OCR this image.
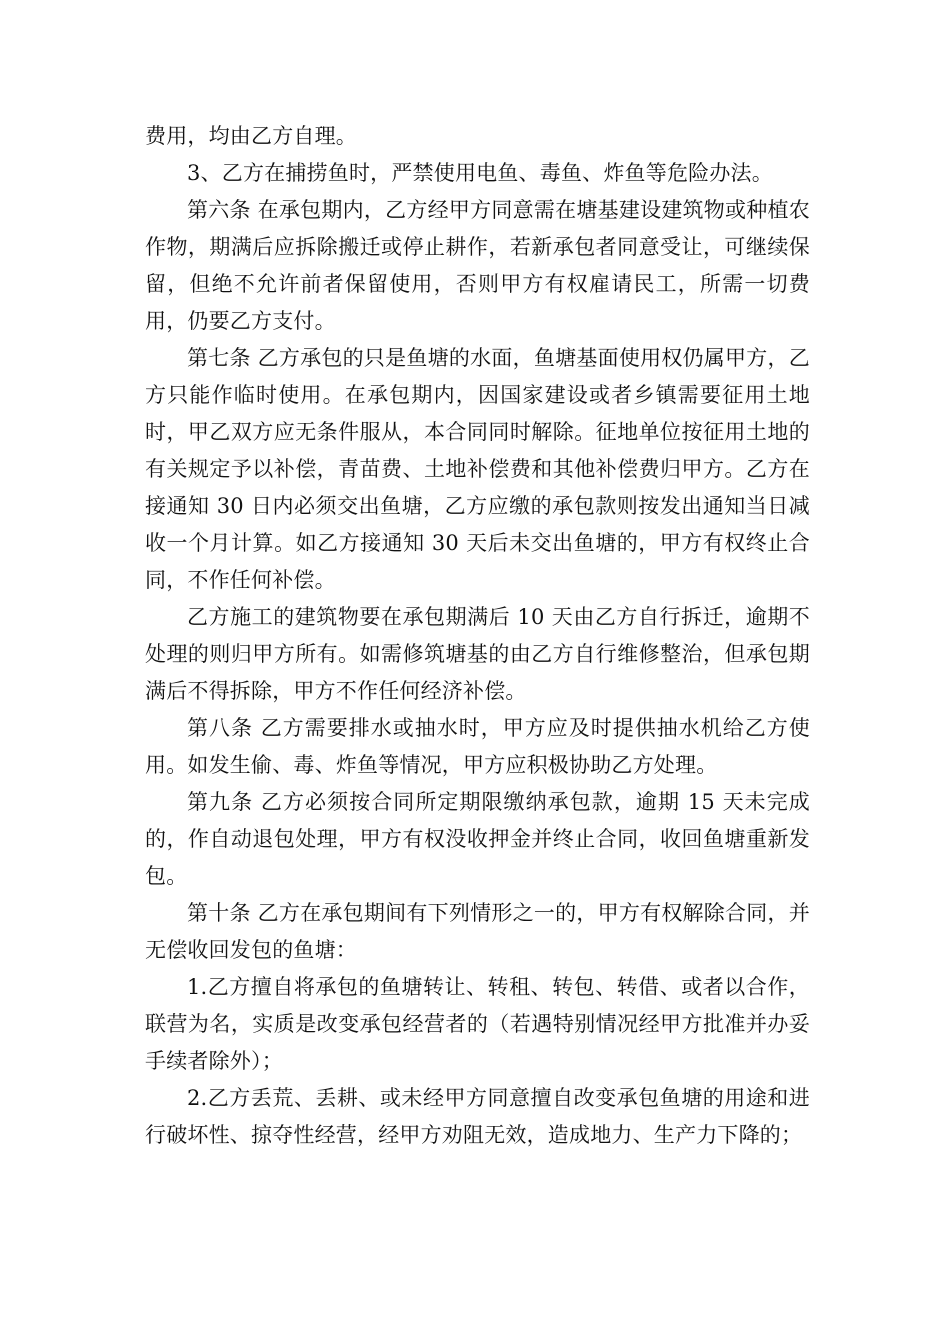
费用，均由乙方自理。

3、乙方在捕捞鱼时，严禁使用电鱼、毒鱼、炸鱼等危险办法。

第六条 在承包期内，乙方经甲方同意需在塘基建设建筑物或种植农作物，期满后应拆除搬迁或停止耕作，若新承包者同意受让，可继续保留，但绝不允许前者保留使用，否则甲方有权雇请民工，所需一切费用，仍要乙方支付。

第七条 乙方承包的只是鱼塘的水面，鱼塘基面使用权仍属甲方，乙方只能作临时使用。在承包期内，因国家建设或者乡镇需要征用土地时，甲乙双方应无条件服从，本合同同时解除。征地单位按征用土地的有关规定予以补偿，青苗费、土地补偿费和其他补偿费归甲方。乙方在接通知 30 日内必须交出鱼塘，乙方应缴的承包款则按发出通知当日减收一个月计算。如乙方接通知 30 天后未交出鱼塘的，甲方有权终止合同，不作任何补偿。

乙方施工的建筑物要在承包期满后 10 天由乙方自行拆迁，逾期不处理的则归甲方所有。如需修筑塘基的由乙方自行维修整治，但承包期满后不得拆除，甲方不作任何经济补偿。

第八条 乙方需要排水或抽水时，甲方应及时提供抽水机给乙方使用。如发生偷、毒、炸鱼等情况，甲方应积极协助乙方处理。

第九条 乙方必须按合同所定期限缴纳承包款，逾期 15 天未完成的，作自动退包处理，甲方有权没收押金并终止合同，收回鱼塘重新发包。

第十条 乙方在承包期间有下列情形之一的，甲方有权解除合同，并无偿收回发包的鱼塘：

1.乙方擅自将承包的鱼塘转让、转租、转包、转借、或者以合作，联营为名，实质是改变承包经营者的（若遇特别情况经甲方批准并办妥手续者除外）；

2.乙方丢荒、丢耕、或未经甲方同意擅自改变承包鱼塘的用途和进行破坏性、掠夺性经营，经甲方劝阻无效，造成地力、生产力下降的；
